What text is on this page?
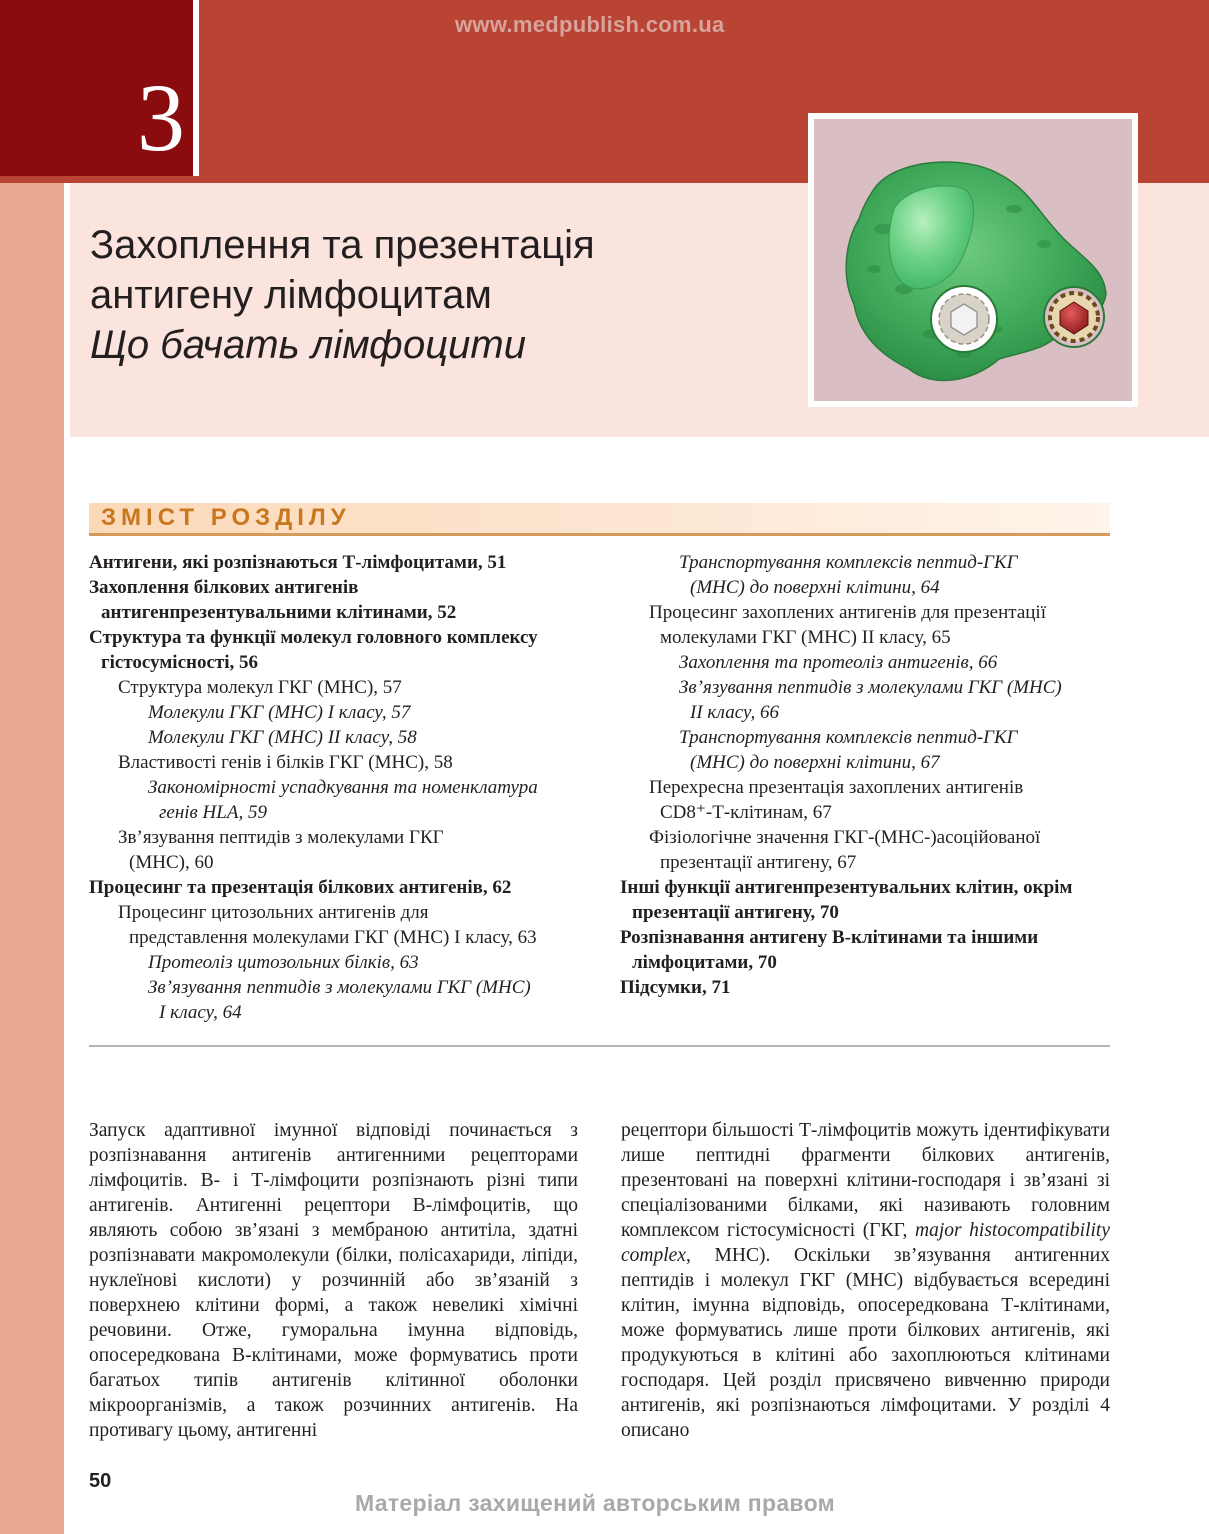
www.medpublish.com.ua
3
Захоплення та презентація
антигену лімфоцитам
Що бачать лімфоцити
ЗМІСТ РОЗДІЛУ
Антигени, які розпізнаються Т-лімфоцитами, 51
Захоплення білкових антигенів
антигенпрезентувальними клітинами, 52
Структура та функції молекул головного комплексу
гістосумісності, 56
Структура молекул ГКГ (MHC), 57
Молекули ГКГ (MHC) I класу, 57
Молекули ГКГ (MHC) II класу, 58
Властивості генів і білків ГКГ (MHC), 58
Закономірності успадкування та номенклатура
генів HLA, 59
Зв’язування пептидів з молекулами ГКГ
(MHC), 60
Процесинг та презентація білкових антигенів, 62
Процесинг цитозольних антигенів для
представлення молекулами ГКГ (MHC) I класу, 63
Протеоліз цитозольних білків, 63
Зв’язування пептидів з молекулами ГКГ (MHC)
I класу, 64
Транспортування комплексів пептид-ГКГ
(MHC) до поверхні клітини, 64
Процесинг захоплених антигенів для презентації
молекулами ГКГ (MHC) II класу, 65
Захоплення та протеоліз антигенів, 66
Зв’язування пептидів з молекулами ГКГ (MHC)
II класу, 66
Транспортування комплексів пептид-ГКГ
(MHC) до поверхні клітини, 67
Перехресна презентація захоплених антигенів
CD8⁺-Т-клітинам, 67
Фізіологічне значення ГКГ-(MHC-)асоційованої
презентації антигену, 67
Інші функції антигенпрезентувальних клітин, окрім
презентації антигену, 70
Розпізнавання антигену В-клітинами та іншими
лімфоцитами, 70
Підсумки, 71

Запуск адаптивної імунної відповіді починається з розпізнавання антигенів антигенними рецепторами лімфоцитів. В- і Т-лімфоцити розпізнають різні типи антигенів. Антигенні рецептори В-лімфоцитів, що являють собою зв’язані з мембраною антитіла, здатні розпізнавати макромолекули (білки, полісахариди, ліпіди, нуклеїнові кислоти) у розчинній або зв’язаній з поверхнею клітини формі, а також невеликі хімічні речовини. Отже, гуморальна імунна відповідь, опосередкована В-клітинами, може формуватись проти багатьох типів антигенів клітинної оболонки мікроорганізмів, а також розчинних антигенів. На противагу цьому, антигенні

рецептори більшості Т-лімфоцитів можуть ідентифікувати лише пептидні фрагменти білкових антигенів, презентовані на поверхні клітини-господаря і зв’язані зі спеціалізованими білками, які називають головним комплексом гістосумісності (ГКГ, major histocompatibility complex, MHC). Оскільки зв’язування антигенних пептидів і молекул ГКГ (MHC) відбувається всередині клітин, імунна відповідь, опосередкована Т-клітинами, може формуватись лише проти білкових антигенів, які продукуються в клітині або захоплюються клітинами господаря. Цей розділ присвячено вивченню природи антигенів, які розпізнаються лімфоцитами. У розділі 4 описано

50
Матеріал захищений авторським правом
